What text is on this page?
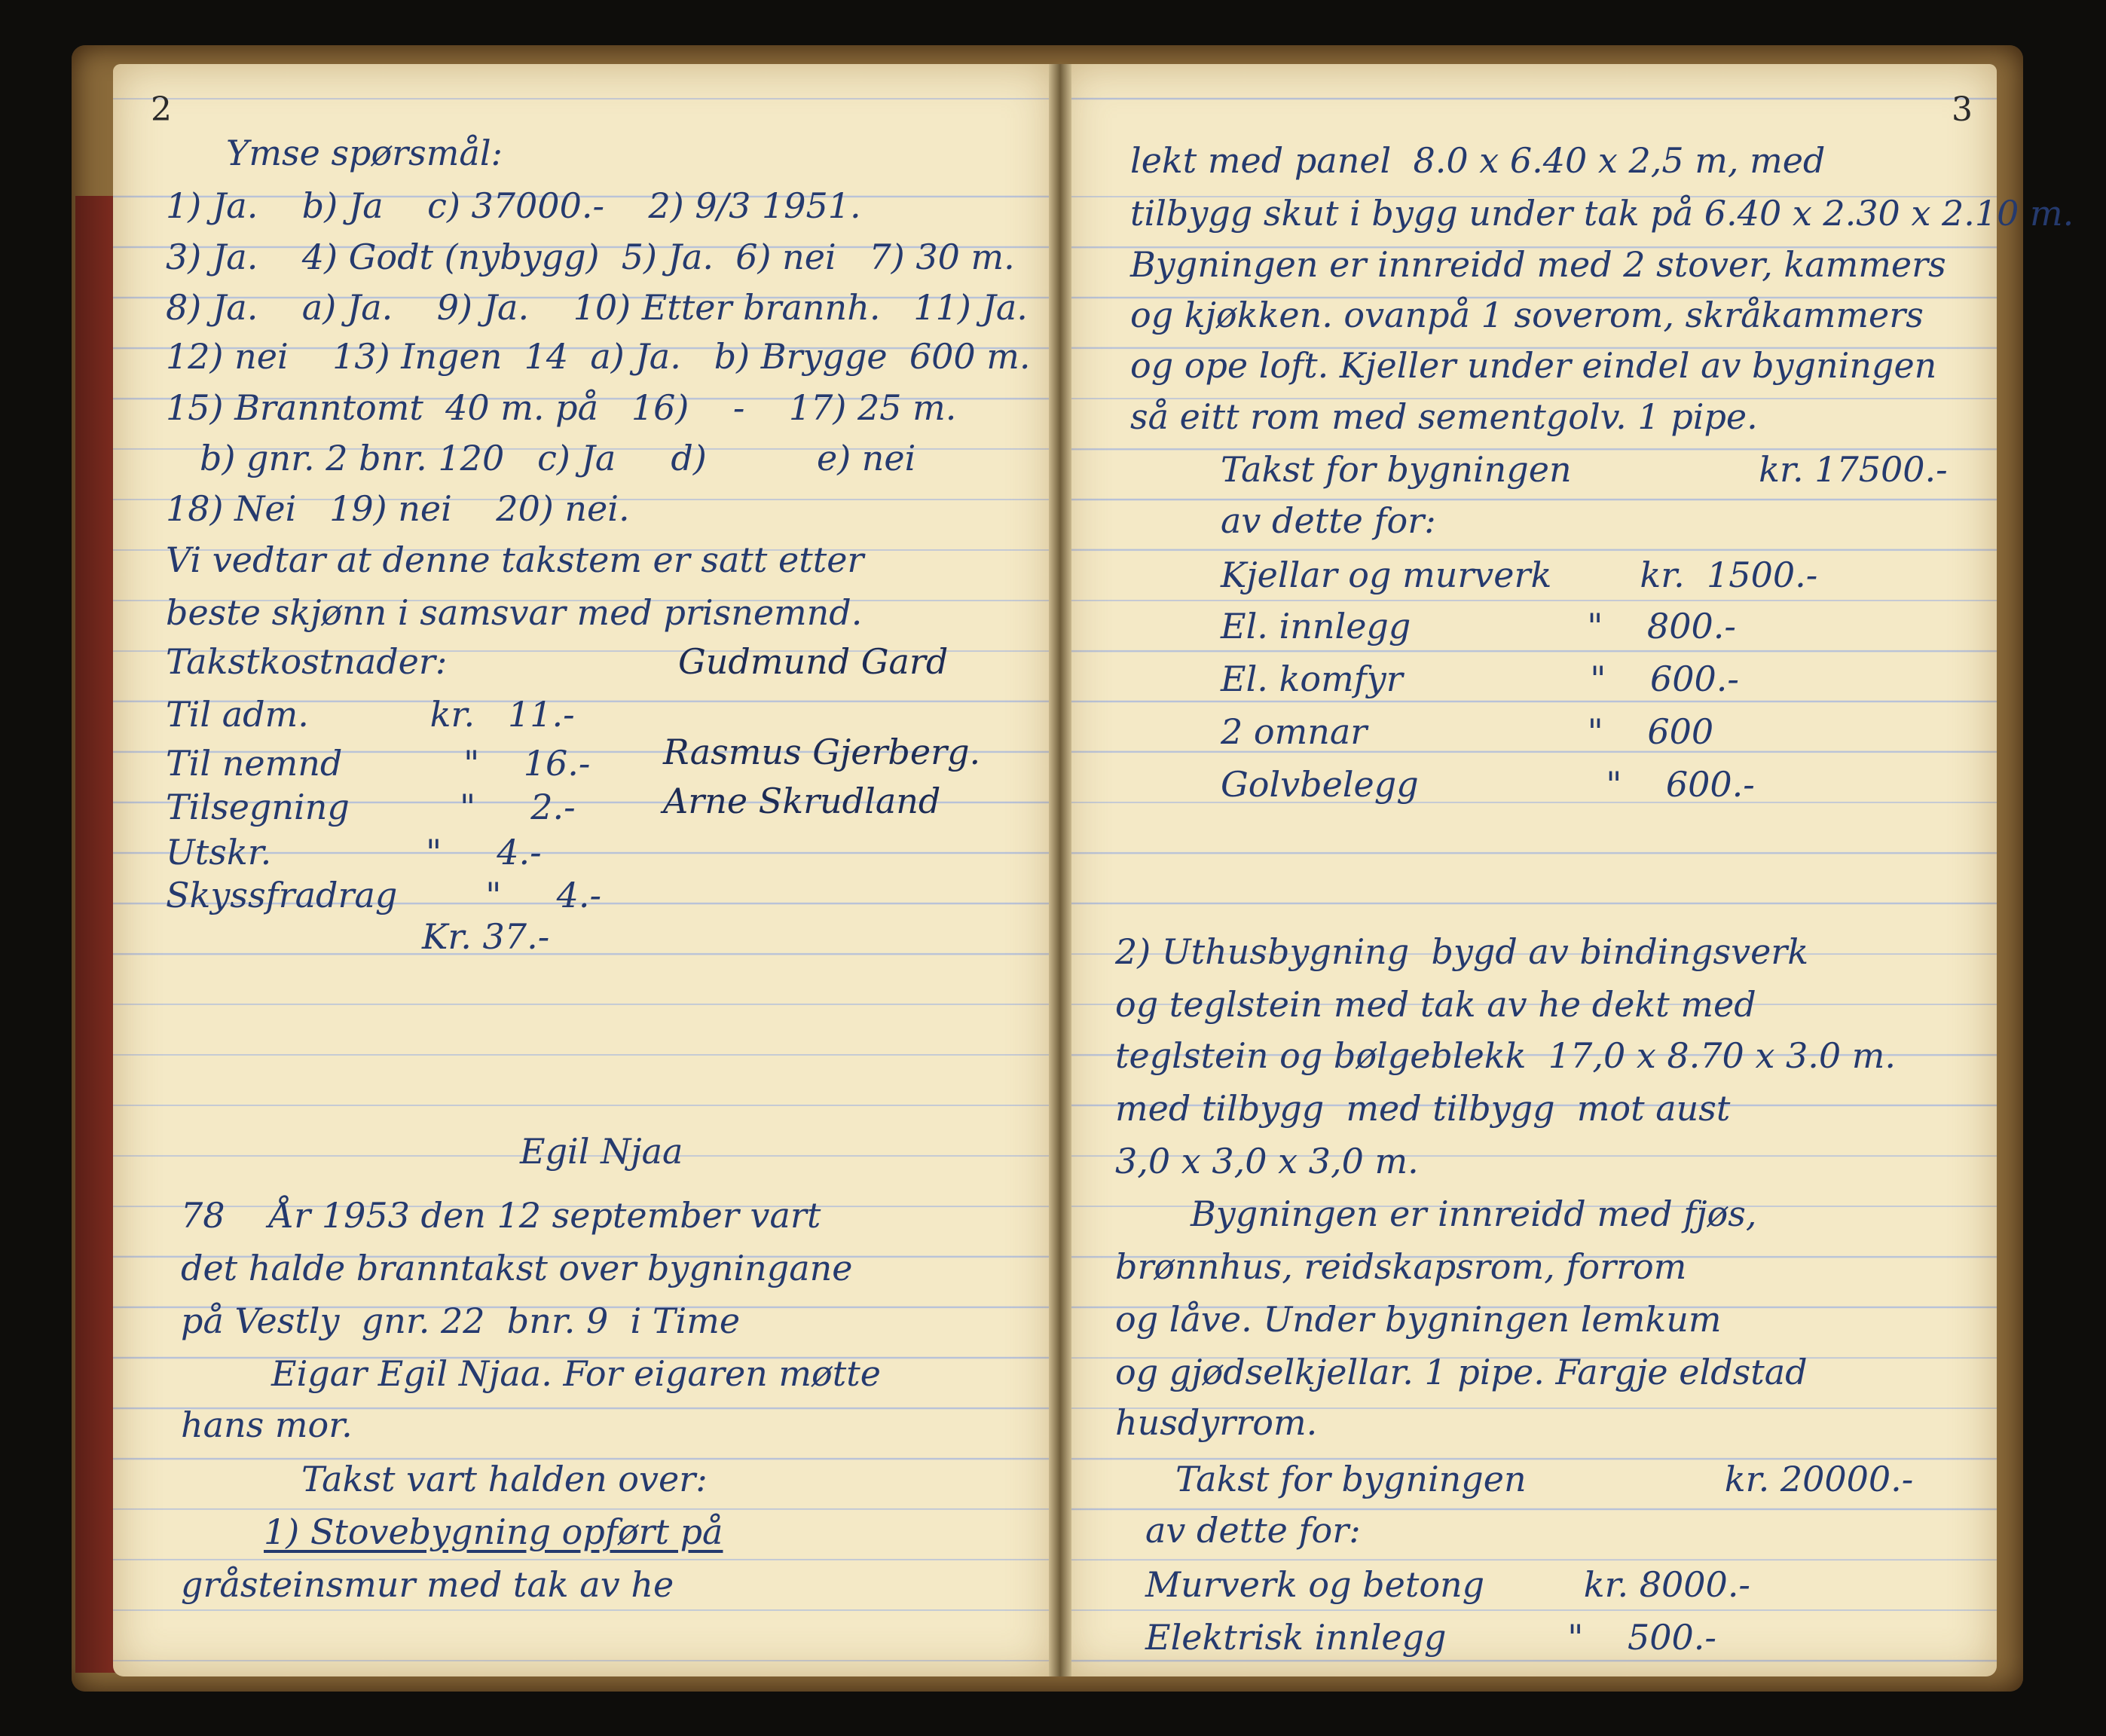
2	3
Ymse spørsmål:
1) Ja.    b) Ja    c) 37000.-    2) 9/3 1951.
3) Ja.    4) Godt (nybygg)  5) Ja.  6) nei   7) 30 m.
8) Ja.    a) Ja.    9) Ja.    10) Etter brannh.   11) Ja.
12) nei    13) Ingen  14  a) Ja.   b) Brygge  600 m.
15) Branntomt  40 m. på   16)    -    17) 25 m.
b) gnr. 2 bnr. 120   c) Ja     d)          e) nei
18) Nei   19) nei    20) nei.
Vi vedtar at denne takstem er satt etter
beste skjønn i samsvar med prisnemnd.
Takstkostnader:
Til adm.           kr.   11.-
Til nemnd           "    16.-
Tilsegning          "     2.-
Utskr.              "     4.-
Skyssfradrag        "     4.-
Kr. 37.-
Egil Njaa
78    År 1953 den 12 september vart
det halde branntakst over bygningane
på Vestly  gnr. 22  bnr. 9  i Time
Eigar Egil Njaa. For eigaren møtte
hans mor.
Takst vart halden over:
1) Stovebygning opført på
gråsteinsmur med tak av he
Gudmund Gard
Rasmus Gjerberg.
Arne Skrudland
lekt med panel  8.0 x 6.40 x 2,5 m, med
tilbygg skut i bygg under tak på 6.40 x 2.30 x 2.10 m.
Bygningen er innreidd med 2 stover, kammers
og kjøkken. ovanpå 1 soverom, skråkammers
og ope loft. Kjeller under eindel av bygningen
så eitt rom med sementgolv. 1 pipe.
Takst for bygningen                 kr. 17500.-
av dette for:
Kjellar og murverk        kr.  1500.-
El. innlegg                "    800.-
El. komfyr                 "    600.-
2 omnar                    "    600
Golvbelegg                 "    600.-
2) Uthusbygning  bygd av bindingsverk
og teglstein med tak av he dekt med
teglstein og bølgeblekk  17,0 x 8.70 x 3.0 m.
med tilbygg  med tilbygg  mot aust
3,0 x 3,0 x 3,0 m.
Bygningen er innreidd med fjøs,
brønnhus, reidskapsrom, forrom
og låve. Under bygningen lemkum
og gjødselkjellar. 1 pipe. Fargje eldstad
husdyrrom.
Takst for bygningen                  kr. 20000.-
av dette for:
Murverk og betong         kr. 8000.-
Elektrisk innlegg           "    500.-
